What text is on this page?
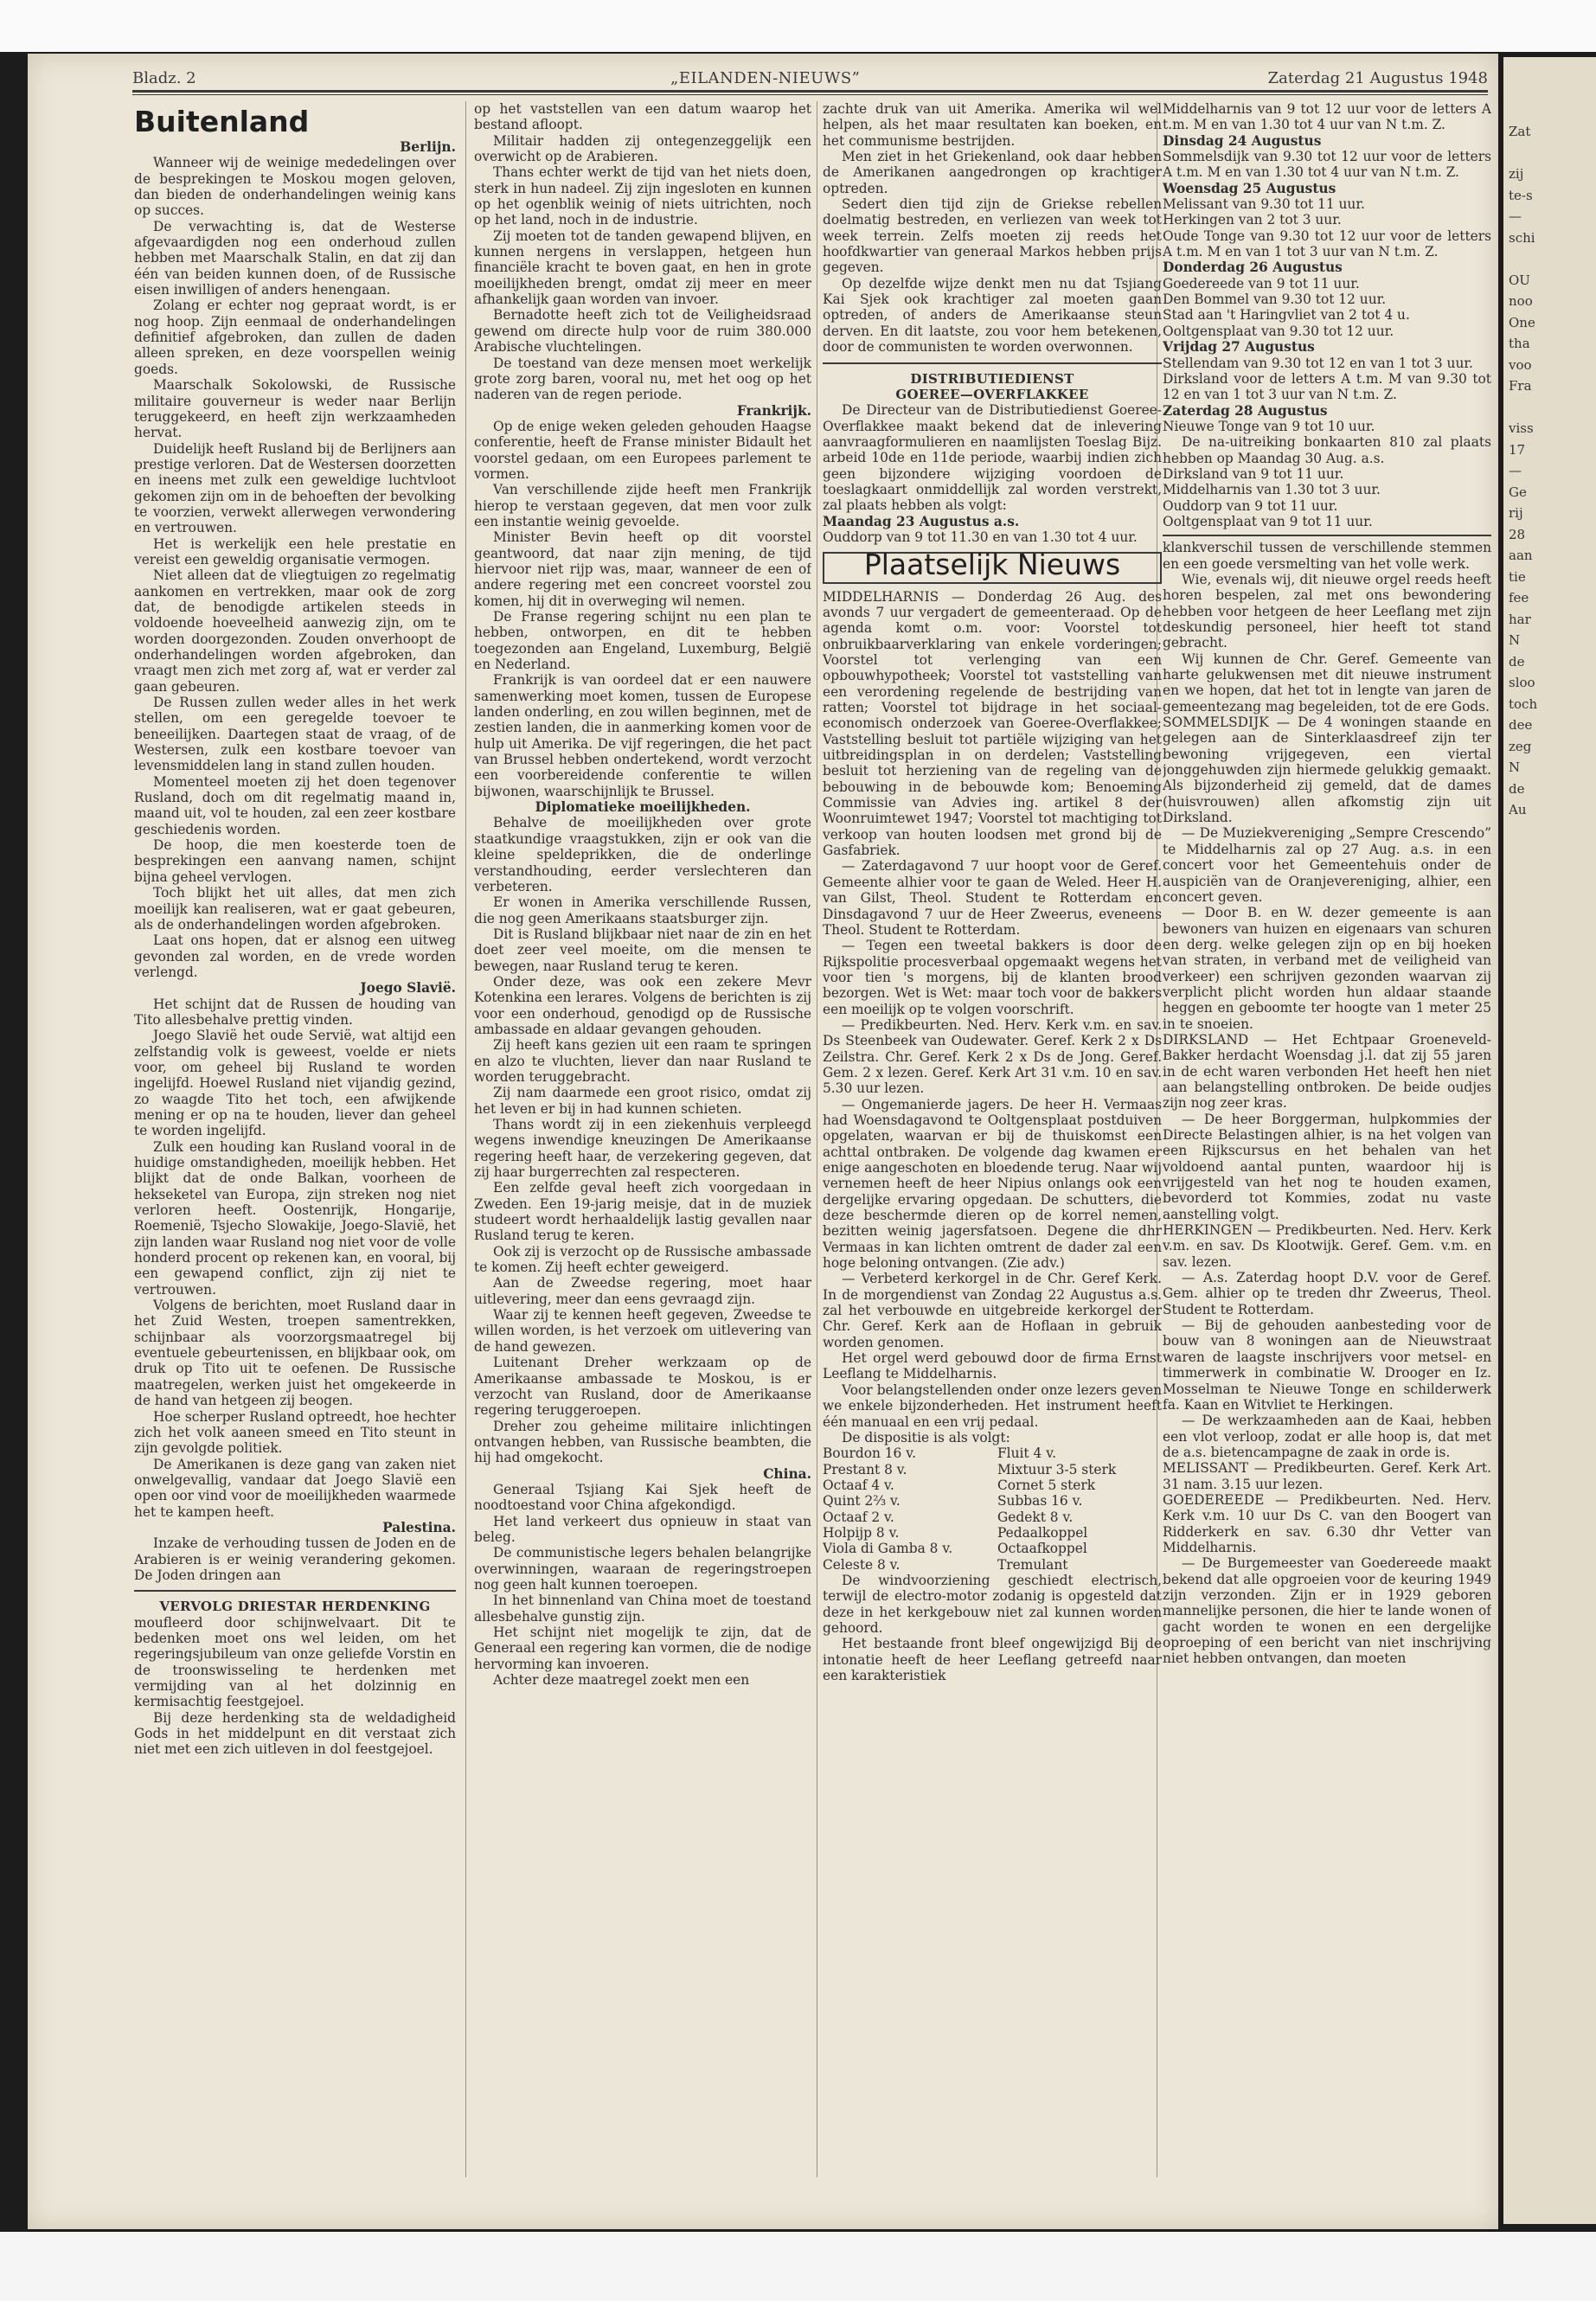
Zat

zij
te-s
—
schi

OU
noo
One
tha
voo
Fra

viss
17
—
Ge
rij
28
aan
tie
fee
har
N
de
sloo
toch
dee
zeg
N
de
Au
Bladz. 2	„EILANDEN-NIEUWS”	Zaterdag 21 Augustus 1948
Buitenland
Berlijn.

Wanneer wij de weinige mededelingen over de besprekingen te Moskou mogen geloven, dan bieden de onderhandelingen weinig kans op succes.

De verwachting is, dat de Westerse afgevaardigden nog een onderhoud zullen hebben met Maarschalk Stalin, en dat zij dan één van beiden kunnen doen, of de Russische eisen inwilligen of anders henengaan.

Zolang er echter nog gepraat wordt, is er nog hoop. Zijn eenmaal de onderhandelingen definitief afgebroken, dan zullen de daden alleen spreken, en deze voorspellen weinig goeds.

Maarschalk Sokolowski, de Russische militaire gouverneur is weder naar Berlijn teruggekeerd, en heeft zijn werkzaamheden hervat.

Duidelijk heeft Rusland bij de Berlijners aan prestige verloren. Dat de Westersen doorzetten en ineens met zulk een geweldige luchtvloot gekomen zijn om in de behoeften der bevolking te voorzien, verwekt allerwegen verwondering en vertrouwen.

Het is werkelijk een hele prestatie en vereist een geweldig organisatie vermogen.

Niet alleen dat de vliegtuigen zo regelmatig aankomen en vertrekken, maar ook de zorg dat, de benodigde artikelen steeds in voldoende hoeveelheid aanwezig zijn, om te worden doorgezonden. Zouden onverhoopt de onderhandelingen worden afgebroken, dan vraagt men zich met zorg af, wat er verder zal gaan gebeuren.

De Russen zullen weder alles in het werk stellen, om een geregelde toevoer te beneeilijken. Daartegen staat de vraag, of de Westersen, zulk een kostbare toevoer van levensmiddelen lang in stand zullen houden.

Momenteel moeten zij het doen tegenover Rusland, doch om dit regelmatig maand in, maand uit, vol te houden, zal een zeer kostbare geschiedenis worden.

De hoop, die men koesterde toen de besprekingen een aanvang namen, schijnt bijna geheel vervlogen.

Toch blijkt het uit alles, dat men zich moeilijk kan realiseren, wat er gaat gebeuren, als de onderhandelingen worden afgebroken.

Laat ons hopen, dat er alsnog een uitweg gevonden zal worden, en de vrede worden verlengd.

Joego Slavië.

Het schijnt dat de Russen de houding van Tito allesbehalve prettig vinden.

Joego Slavië het oude Servië, wat altijd een zelfstandig volk is geweest, voelde er niets voor, om geheel bij Rusland te worden ingelijfd. Hoewel Rusland niet vijandig gezind, zo waagde Tito het toch, een afwijkende mening er op na te houden, liever dan geheel te worden ingelijfd.

Zulk een houding kan Rusland vooral in de huidige omstandigheden, moeilijk hebben. Het blijkt dat de onde Balkan, voorheen de hekseketel van Europa, zijn streken nog niet verloren heeft. Oostenrijk, Hongarije, Roemenië, Tsjecho Slowakije, Joego-Slavië, het zijn landen waar Rusland nog niet voor de volle honderd procent op rekenen kan, en vooral, bij een gewapend conflict, zijn zij niet te vertrouwen.

Volgens de berichten, moet Rusland daar in het Zuid Westen, troepen samentrekken, schijnbaar als voorzorgsmaatregel bij eventuele gebeurtenissen, en blijkbaar ook, om druk op Tito uit te oefenen. De Russische maatregelen, werken juist het omgekeerde in de hand van hetgeen zij beogen.

Hoe scherper Rusland optreedt, hoe hechter zich het volk aaneen smeed en Tito steunt in zijn gevolgde politiek.

De Amerikanen is deze gang van zaken niet onwelgevallig, vandaar dat Joego Slavië een open oor vind voor de moeilijkheden waarmede het te kampen heeft.

Palestina.

Inzake de verhouding tussen de Joden en de Arabieren is er weinig verandering gekomen. De Joden dringen aan

VERVOLG DRIESTAR HERDENKING

moufleerd door schijnwelvaart. Dit te bedenken moet ons wel leiden, om het regeringsjubileum van onze geliefde Vorstin en de troonswisseling te herdenken met vermijding van al het dolzinnig en kermisachtig feestgejoel.

Bij deze herdenking sta de weldadigheid Gods in het middelpunt en dit verstaat zich niet met een zich uitleven in dol feestgejoel.

op het vaststellen van een datum waarop het bestand afloopt.

Militair hadden zij ontegenzeggelijk een overwicht op de Arabieren.

Thans echter werkt de tijd van het niets doen, sterk in hun nadeel. Zij zijn ingesloten en kunnen op het ogenblik weinig of niets uitrichten, noch op het land, noch in de industrie.

Zij moeten tot de tanden gewapend blijven, en kunnen nergens in verslappen, hetgeen hun financiële kracht te boven gaat, en hen in grote moeilijkheden brengt, omdat zij meer en meer afhankelijk gaan worden van invoer.

Bernadotte heeft zich tot de Veiligheidsraad gewend om directe hulp voor de ruim 380.000 Arabische vluchtelingen.

De toestand van deze mensen moet werkelijk grote zorg baren, vooral nu, met het oog op het naderen van de regen periode.

Frankrijk.

Op de enige weken geleden gehouden Haagse conferentie, heeft de Franse minister Bidault het voorstel gedaan, om een Europees parlement te vormen.

Van verschillende zijde heeft men Frankrijk hierop te verstaan gegeven, dat men voor zulk een instantie weinig gevoelde.

Minister Bevin heeft op dit voorstel geantwoord, dat naar zijn mening, de tijd hiervoor niet rijp was, maar, wanneer de een of andere regering met een concreet voorstel zou komen, hij dit in overweging wil nemen.

De Franse regering schijnt nu een plan te hebben, ontworpen, en dit te hebben toegezonden aan Engeland, Luxemburg, België en Nederland.

Frankrijk is van oordeel dat er een nauwere samenwerking moet komen, tussen de Europese landen onderling, en zou willen beginnen, met de zestien landen, die in aanmerking komen voor de hulp uit Amerika. De vijf regeringen, die het pact van Brussel hebben ondertekend, wordt verzocht een voorbereidende conferentie te willen bijwonen, waarschijnlijk te Brussel.

Diplomatieke moeilijkheden.

Behalve de moeilijkheden over grote staatkundige vraagstukken, zijn er ook van die kleine speldeprikken, die de onderlinge verstandhouding, eerder verslechteren dan verbeteren.

Er wonen in Amerika verschillende Russen, die nog geen Amerikaans staatsburger zijn.

Dit is Rusland blijkbaar niet naar de zin en het doet zeer veel moeite, om die mensen te bewegen, naar Rusland terug te keren.

Onder deze, was ook een zekere Mevr Kotenkina een lerares. Volgens de berichten is zij voor een onderhoud, genodigd op de Russische ambassade en aldaar gevangen gehouden.

Zij heeft kans gezien uit een raam te springen en alzo te vluchten, liever dan naar Rusland te worden teruggebracht.

Zij nam daarmede een groot risico, omdat zij het leven er bij in had kunnen schieten.

Thans wordt zij in een ziekenhuis verpleegd wegens inwendige kneuzingen De Amerikaanse regering heeft haar, de verzekering gegeven, dat zij haar burgerrechten zal respecteren.

Een zelfde geval heeft zich voorgedaan in Zweden. Een 19-jarig meisje, dat in de muziek studeert wordt herhaaldelijk lastig gevallen naar Rusland terug te keren.

Ook zij is verzocht op de Russische ambassade te komen. Zij heeft echter geweigerd.

Aan de Zweedse regering, moet haar uitlevering, meer dan eens gevraagd zijn.

Waar zij te kennen heeft gegeven, Zweedse te willen worden, is het verzoek om uitlevering van de hand gewezen.

Luitenant Dreher werkzaam op de Amerikaanse ambassade te Moskou, is er verzocht van Rusland, door de Amerikaanse regering teruggeroepen.

Dreher zou geheime militaire inlichtingen ontvangen hebben, van Russische beambten, die hij had omgekocht.

China.

Generaal Tsjiang Kai Sjek heeft de noodtoestand voor China afgekondigd.

Het land verkeert dus opnieuw in staat van beleg.

De communistische legers behalen belangrijke overwinningen, waaraan de regeringstroepen nog geen halt kunnen toeroepen.

In het binnenland van China moet de toestand allesbehalve gunstig zijn.

Het schijnt niet mogelijk te zijn, dat de Generaal een regering kan vormen, die de nodige hervorming kan invoeren.

Achter deze maatregel zoekt men een

zachte druk van uit Amerika. Amerika wil wel helpen, als het maar resultaten kan boeken, en het communisme bestrijden.

Men ziet in het Griekenland, ook daar hebben de Amerikanen aangedrongen op krachtiger optreden.

Sedert dien tijd zijn de Griekse rebellen doelmatig bestreden, en verliezen van week tot week terrein. Zelfs moeten zij reeds het hoofdkwartier van generaal Markos hebben prijs gegeven.

Op dezelfde wijze denkt men nu dat Tsjiang Kai Sjek ook krachtiger zal moeten gaan optreden, of anders de Amerikaanse steun derven. En dit laatste, zou voor hem betekenen, door de communisten te worden overwonnen.

DISTRIBUTIEDIENST
GOEREE—OVERFLAKKEE

De Directeur van de Distributiedienst Goeree-Overflakkee maakt bekend dat de inlevering aanvraagformulieren en naamlijsten Toeslag Bijz. arbeid 10de en 11de periode, waarbij indien zich geen bijzondere wijziging voordoen de toeslagkaart onmiddellijk zal worden verstrekt, zal plaats hebben als volgt:

Maandag 23 Augustus a.s.

Ouddorp van 9 tot 11.30 en van 1.30 tot 4 uur.

Plaatselijk Nieuws

MIDDELHARNIS — Donderdag 26 Aug. des avonds 7 uur vergadert de gemeenteraad. Op de agenda komt o.m. voor: Voorstel tot onbruikbaarverklaring van enkele vorderingen; Voorstel tot verlenging van een opbouwhypotheek; Voorstel tot vaststelling van een verordening regelende de bestrijding van ratten; Voorstel tot bijdrage in het sociaal-economisch onderzoek van Goeree-Overflakkee; Vaststelling besluit tot partiële wijziging van het uitbreidingsplan in on derdelen; Vaststelling besluit tot herziening van de regeling van de bebouwing in de bebouwde kom; Benoeming Commissie van Advies ing. artikel 8 der Woonruimtewet 1947; Voorstel tot machtiging tot verkoop van houten loodsen met grond bij de Gasfabriek.

— Zaterdagavond 7 uur hoopt voor de Geref. Gemeente alhier voor te gaan de Weled. Heer H. van Gilst, Theol. Student te Rotterdam en Dinsdagavond 7 uur de Heer Zweerus, eveneens Theol. Student te Rotterdam.

— Tegen een tweetal bakkers is door de Rijkspolitie procesverbaal opgemaakt wegens het voor tien 's morgens, bij de klanten brood bezorgen. Wet is Wet: maar toch voor de bakkers een moeilijk op te volgen voorschrift.

— Predikbeurten. Ned. Herv. Kerk v.m. en sav. Ds Steenbeek van Oudewater. Geref. Kerk 2 x Ds Zeilstra. Chr. Geref. Kerk 2 x Ds de Jong. Geref. Gem. 2 x lezen. Geref. Kerk Art 31 v.m. 10 en sav. 5.30 uur lezen.

— Ongemanierde jagers. De heer H. Vermaas had Woensdagavond te Ooltgensplaat postduiven opgelaten, waarvan er bij de thuiskomst een achttal ontbraken. De volgende dag kwamen er enige aangeschoten en bloedende terug. Naar wij vernemen heeft de heer Nipius onlangs ook een dergelijke ervaring opgedaan. De schutters, die deze beschermde dieren op de korrel nemen, bezitten weinig jagersfatsoen. Degene die dhr Vermaas in kan lichten omtrent de dader zal een hoge beloning ontvangen. (Zie adv.)

— Verbeterd kerkorgel in de Chr. Geref Kerk. In de morgendienst van Zondag 22 Augustus a.s. zal het verbouwde en uitgebreide kerkorgel der Chr. Geref. Kerk aan de Hoflaan in gebruik worden genomen.

Het orgel werd gebouwd door de firma Ernst Leeflang te Middelharnis.

Voor belangstellenden onder onze lezers geven we enkele bijzonderheden. Het instrument heeft één manuaal en een vrij pedaal.

De dispositie is als volgt:

Bourdon 16 v.	Fluit 4 v.
Prestant 8 v.	Mixtuur 3-5 sterk
Octaaf 4 v.	Cornet 5 sterk
Quint 2⅔ v.	Subbas 16 v.
Octaaf 2 v.	Gedekt 8 v.
Holpijp 8 v.	Pedaalkoppel
Viola di Gamba 8 v.	Octaafkoppel
Celeste 8 v.	Tremulant

De windvoorziening geschiedt electrisch, terwijl de electro-motor zodanig is opgesteld dat deze in het kerkgebouw niet zal kunnen worden gehoord.

Het bestaande front bleef ongewijzigd Bij de intonatie heeft de heer Leeflang getreefd naar een karakteristiek

Middelharnis van 9 tot 12 uur voor de letters A t.m. M en van 1.30 tot 4 uur van N t.m. Z.

Dinsdag 24 Augustus

Sommelsdijk van 9.30 tot 12 uur voor de letters A t.m. M en van 1.30 tot 4 uur van N t.m. Z.

Woensdag 25 Augustus

Melissant van 9.30 tot 11 uur.

Herkingen van 2 tot 3 uur.

Oude Tonge van 9.30 tot 12 uur voor de letters A t.m. M en van 1 tot 3 uur van N t.m. Z.

Donderdag 26 Augustus

Goedereede van 9 tot 11 uur.

Den Bommel van 9.30 tot 12 uur.

Stad aan 't Haringvliet van 2 tot 4 u.

Ooltgensplaat van 9.30 tot 12 uur.

Vrijdag 27 Augustus

Stellendam van 9.30 tot 12 en van 1 tot 3 uur.

Dirksland voor de letters A t.m. M van 9.30 tot 12 en van 1 tot 3 uur van N t.m. Z.

Zaterdag 28 Augustus

Nieuwe Tonge van 9 tot 10 uur.

De na-uitreiking bonkaarten 810 zal plaats hebben op Maandag 30 Aug. a.s.

Dirksland van 9 tot 11 uur.

Middelharnis van 1.30 tot 3 uur.

Ouddorp van 9 tot 11 uur.

Ooltgensplaat van 9 tot 11 uur.

klankverschil tussen de verschillende stemmen en een goede versmelting van het volle werk.

Wie, evenals wij, dit nieuwe orgel reeds heeft horen bespelen, zal met ons bewondering hebben voor hetgeen de heer Leeflang met zijn deskundig personeel, hier heeft tot stand gebracht.

Wij kunnen de Chr. Geref. Gemeente van harte gelukwensen met dit nieuwe instrument en we hopen, dat het tot in lengte van jaren de gemeentezang mag begeleiden, tot de ere Gods.

SOMMELSDIJK — De 4 woningen staande en gelegen aan de Sinterklaasdreef zijn ter bewoning vrijgegeven, een viertal jonggehuwden zijn hiermede gelukkig gemaakt. Als bijzonderheid zij gemeld, dat de dames (huisvrouwen) allen afkomstig zijn uit Dirksland.

— De Muziekvereniging „Sempre Crescendo” te Middelharnis zal op 27 Aug. a.s. in een concert voor het Gemeentehuis onder de auspiciën van de Oranjevereniging, alhier, een concert geven.

— Door B. en W. dezer gemeente is aan bewoners van huizen en eigenaars van schuren en derg. welke gelegen zijn op en bij hoeken van straten, in verband met de veiligheid van verkeer) een schrijven gezonden waarvan zij verplicht plicht worden hun aldaar staande heggen en geboomte ter hoogte van 1 meter 25 in te snoeien.

DIRKSLAND — Het Echtpaar Groeneveld-Bakker herdacht Woensdag j.l. dat zij 55 jaren in de echt waren verbonden Het heeft hen niet aan belangstelling ontbroken. De beide oudjes zijn nog zeer kras.

— De heer Borggerman, hulpkommies der Directe Belastingen alhier, is na het volgen van een Rijkscursus en het behalen van het voldoend aantal punten, waardoor hij is vrijgesteld van het nog te houden examen, bevorderd tot Kommies, zodat nu vaste aanstelling volgt.

HERKINGEN — Predikbeurten. Ned. Herv. Kerk v.m. en sav. Ds Klootwijk. Geref. Gem. v.m. en sav. lezen.

— A.s. Zaterdag hoopt D.V. voor de Geref. Gem. alhier op te treden dhr Zweerus, Theol. Student te Rotterdam.

— Bij de gehouden aanbesteding voor de bouw van 8 woningen aan de Nieuwstraat waren de laagste inschrijvers voor metsel- en timmerwerk in combinatie W. Drooger en Iz. Mosselman te Nieuwe Tonge en schilderwerk fa. Kaan en Witvliet te Herkingen.

— De werkzaamheden aan de Kaai, hebben een vlot verloop, zodat er alle hoop is, dat met de a.s. bietencampagne de zaak in orde is.

MELISSANT — Predikbeurten. Geref. Kerk Art. 31 nam. 3.15 uur lezen.

GOEDEREEDE — Predikbeurten. Ned. Herv. Kerk v.m. 10 uur Ds C. van den Boogert van Ridderkerk en sav. 6.30 dhr Vetter van Middelharnis.

— De Burgemeester van Goedereede maakt bekend dat alle opgroeien voor de keuring 1949 zijn verzonden. Zijn er in 1929 geboren mannelijke personen, die hier te lande wonen of gacht worden te wonen en een dergelijke oproeping of een bericht van niet inschrijving niet hebben ontvangen, dan moeten
